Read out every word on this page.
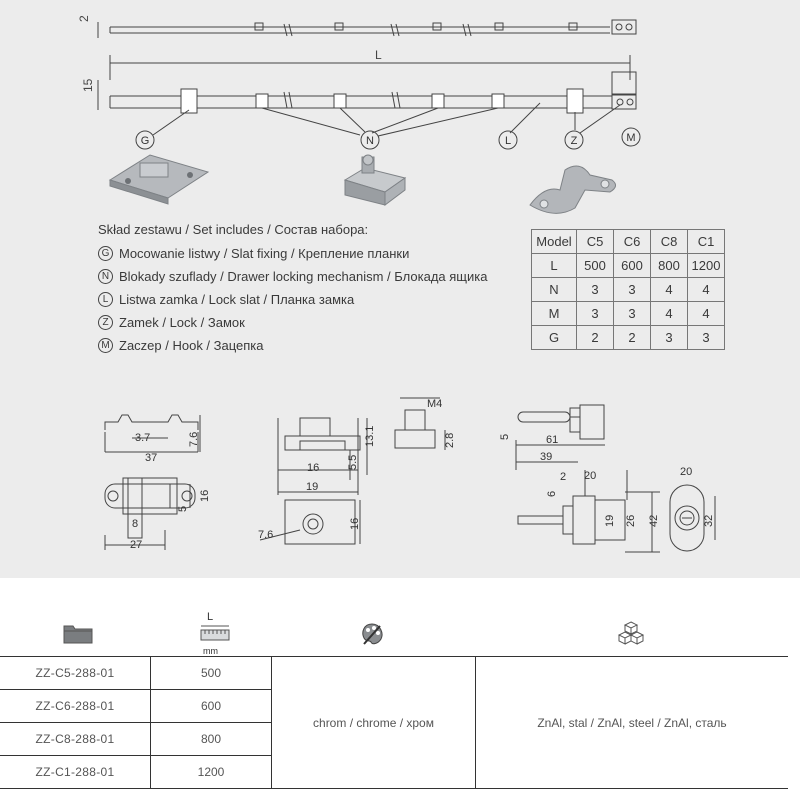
2
L
15
G	N	L	Z	M
3.7	7.6
37
16
5
8
27
16
19
5.5
13.1
M4
2.8
7.6
16
5	61
39
2 20
6
19 26 42
20
32
Skład zestawu / Set includes / Состав набора:
G Mocowanie listwy / Slat fixing / Крепление планки
N Blokady szuflady / Drawer locking mechanism / Блокада ящика
L Listwa zamka / Lock slat / Планка замка
Z Zamek / Lock / Замок
M Zaczep / Hook / Зацепка
Model	C5	C6	C8	C1
L	500	600	800	1200
N	3	3	4	4
M	3	3	4	4
G	2	2	3	3
L
mm
ZZ-C5-288-01	500	chrom / chrome / хром	ZnAl, stal / ZnAl, steel / ZnAl, сталь
ZZ-C6-288-01	600		
ZZ-C8-288-01	800		
ZZ-C1-288-01	1200		
